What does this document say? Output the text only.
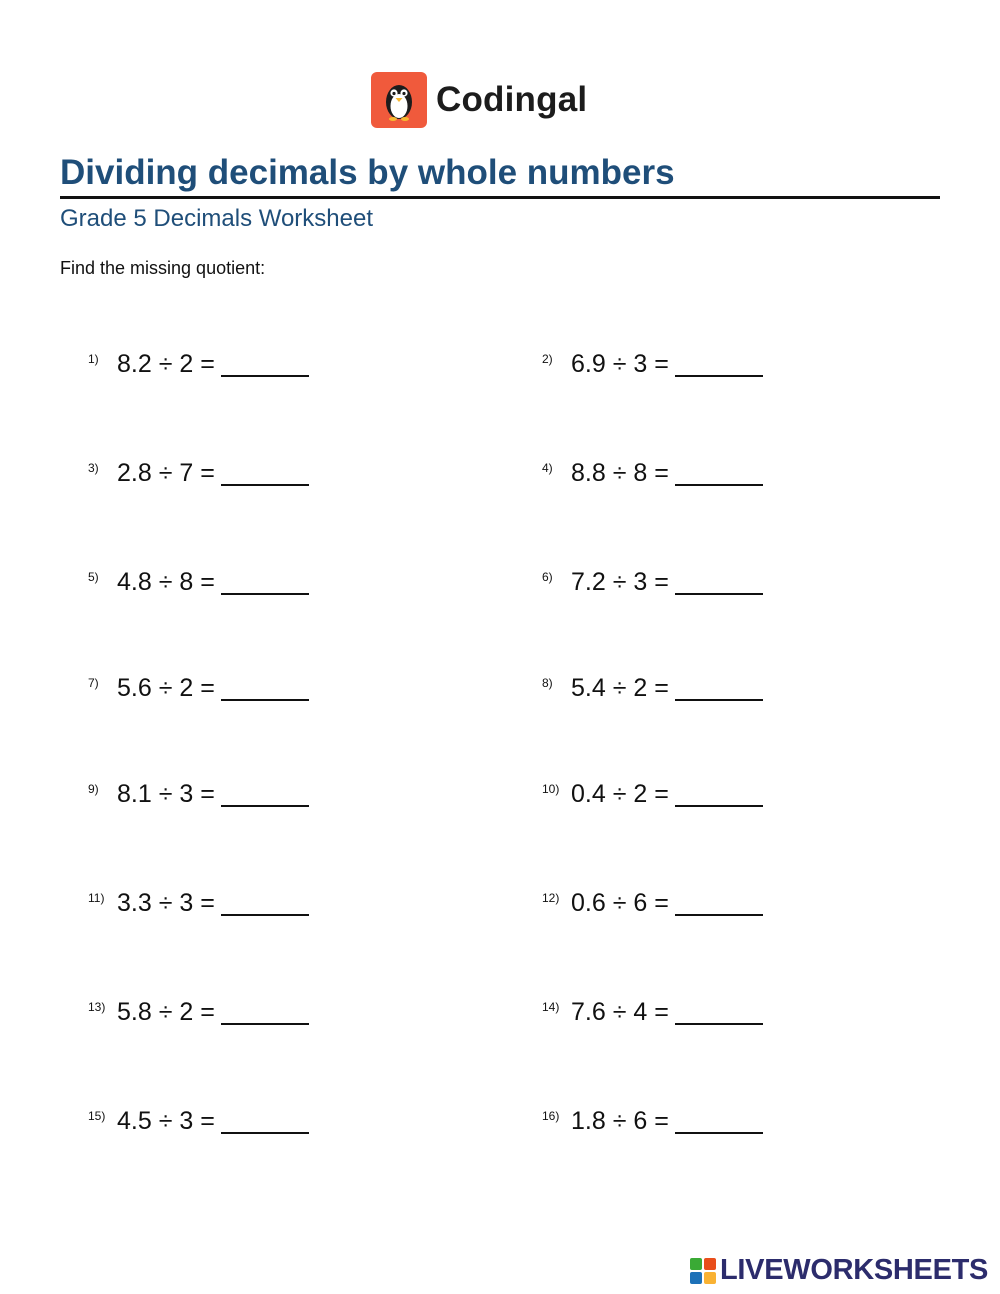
Codingal
Dividing decimals by whole numbers
Grade 5 Decimals Worksheet
Find the missing quotient:
1) 8.2 ÷ 2 =	2) 6.9 ÷ 3 =
3) 2.8 ÷ 7 =	4) 8.8 ÷ 8 =
5) 4.8 ÷ 8 =	6) 7.2 ÷ 3 =
7) 5.6 ÷ 2 =	8) 5.4 ÷ 2 =
9) 8.1 ÷ 3 =	10) 0.4 ÷ 2 =
11) 3.3 ÷ 3 =	12) 0.6 ÷ 6 =
13) 5.8 ÷ 2 =	14) 7.6 ÷ 4 =
15) 4.5 ÷ 3 =	16) 1.8 ÷ 6 =
LIVEWORKSHEETS
